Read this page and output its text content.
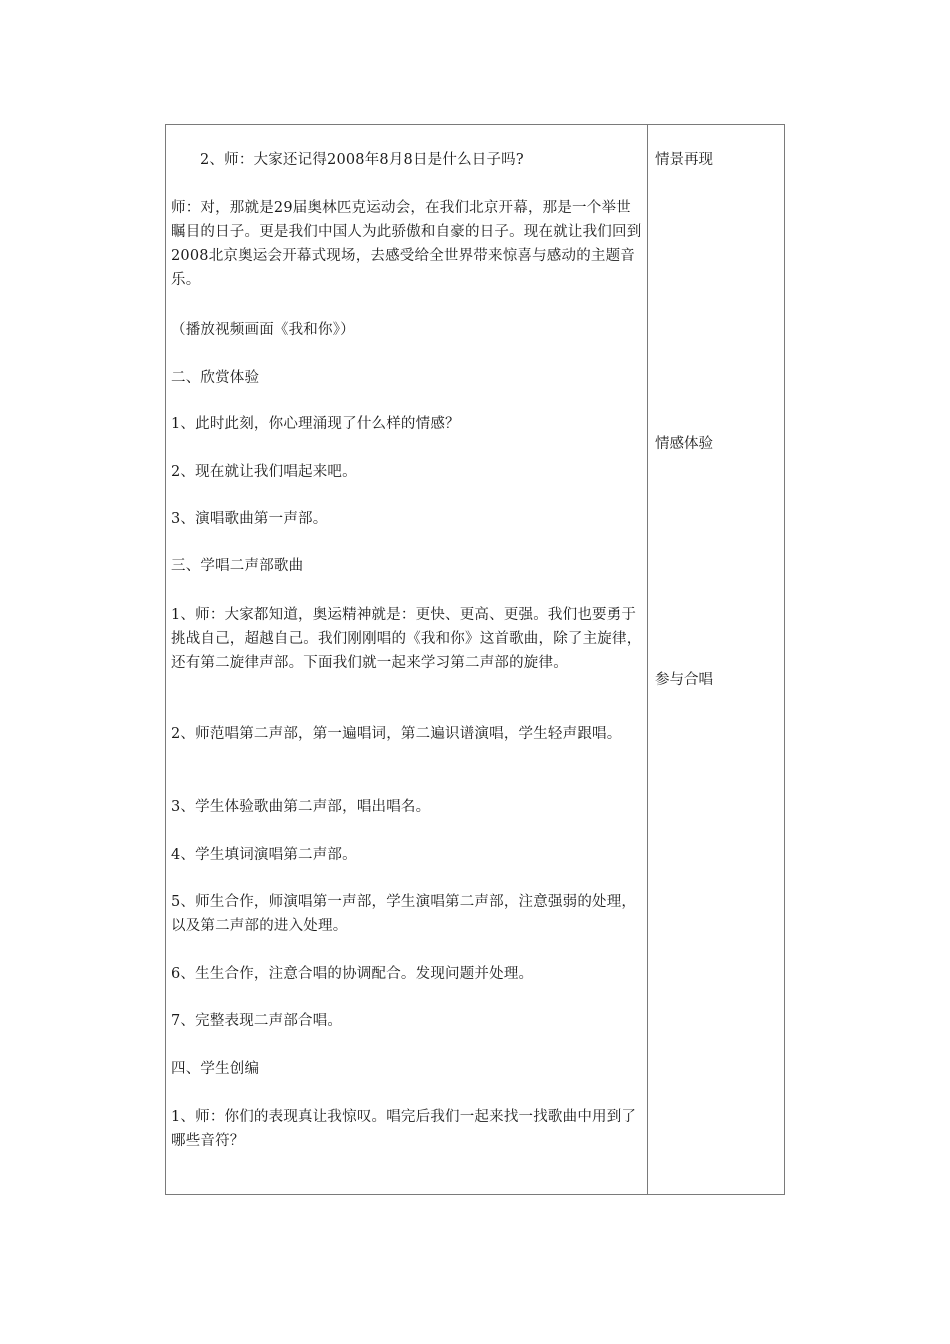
2、师：大家还记得2008年8月8日是什么日子吗?

师：对，那就是29届奥林匹克运动会，在我们北京开幕，那是一个举世瞩目的日子。更是我们中国人为此骄傲和自豪的日子。现在就让我们回到2008北京奥运会开幕式现场，去感受给全世界带来惊喜与感动的主题音乐。

（播放视频画面《我和你》）

二、欣赏体验

1、此时此刻，你心理涌现了什么样的情感？

2、现在就让我们唱起来吧。

3、演唱歌曲第一声部。

三、学唱二声部歌曲

1、师：大家都知道，奥运精神就是：更快、更高、更强。我们也要勇于挑战自己，超越自己。我们刚刚唱的《我和你》这首歌曲，除了主旋律，还有第二旋律声部。下面我们就一起来学习第二声部的旋律。

2、师范唱第二声部，第一遍唱词，第二遍识谱演唱，学生轻声跟唱。

3、学生体验歌曲第二声部，唱出唱名。

4、学生填词演唱第二声部。

5、师生合作，师演唱第一声部，学生演唱第二声部，注意强弱的处理，以及第二声部的进入处理。

6、生生合作，注意合唱的协调配合。发现问题并处理。

7、完整表现二声部合唱。

四、学生创编

1、师：你们的表现真让我惊叹。唱完后我们一起来找一找歌曲中用到了哪些音符？

情景再现

情感体验

参与合唱
